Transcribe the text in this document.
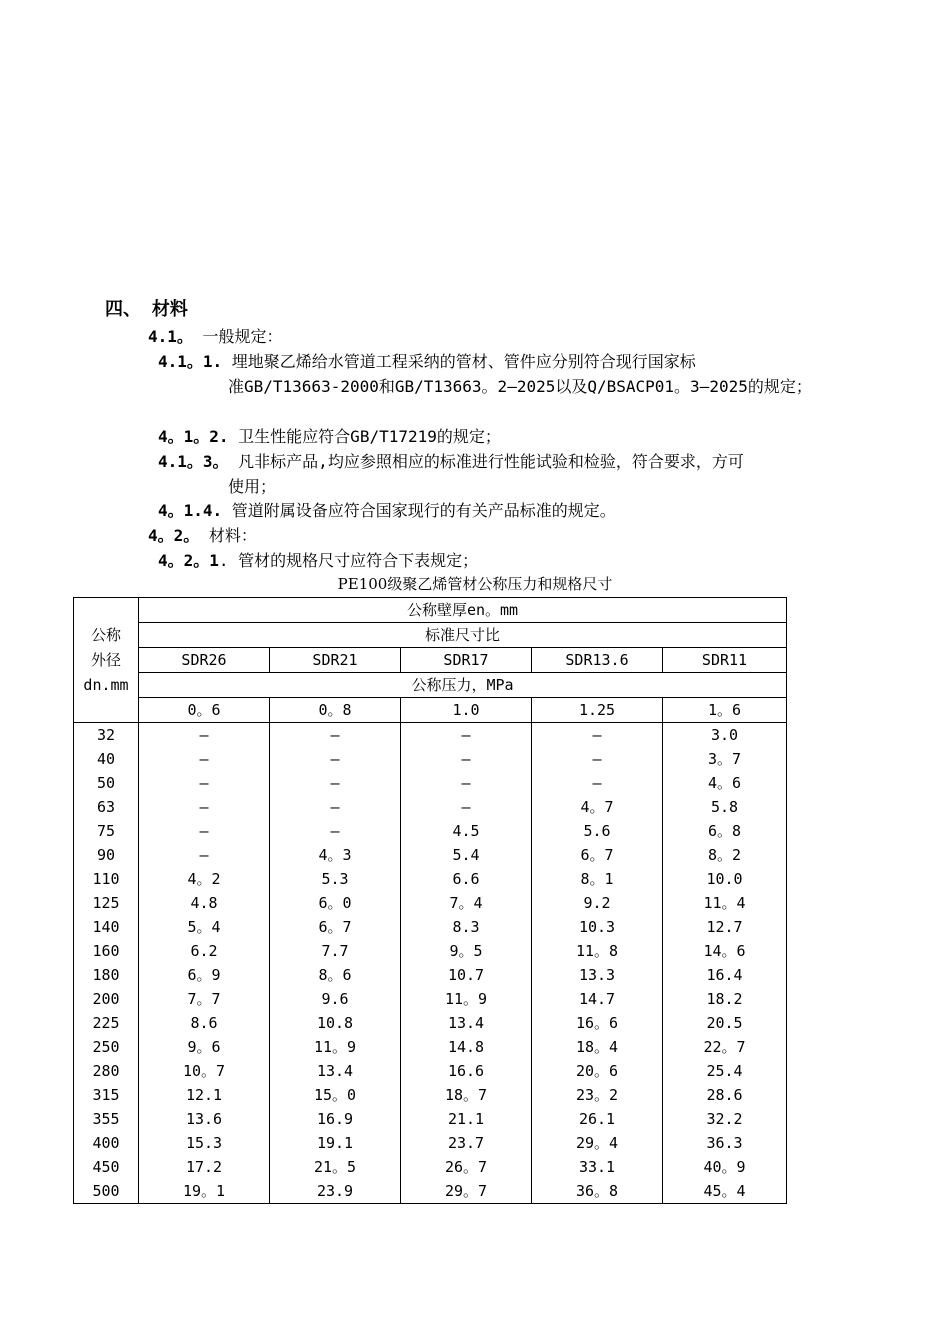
四、 材料
4.1。 一般规定：
4.1。1. 埋地聚乙烯给水管道工程采纳的管材、管件应分别符合现行国家标
准GB/T13663-2000和GB/T13663。2—2025以及Q/BSACP01。3—2025的规定；
4。1。2. 卫生性能应符合GB/T17219的规定；
4.1。3。 凡非标产品,均应参照相应的标准进行性能试验和检验，符合要求，方可
使用；
4。1.4. 管道附属设备应符合国家现行的有关产品标准的规定。
4。2。 材料：
4。2。1. 管材的规格尺寸应符合下表规定；
PE100级聚乙烯管材公称压力和规格尺寸
公称
外径
dn.mm	公称壁厚en。mm				
	标准尺寸比				
	SDR26	SDR21	SDR17	SDR13.6	SDR11
	公称压力，MPa				
	0。6	0。8	1.0	1.25	1。6
32	—	—	—	—	3.0
40	—	—	—	—	3。7
50	—	—	—	—	4。6
63	—	—	—	4。7	5.8
75	—	—	4.5	5.6	6。8
90	—	4。3	5.4	6。7	8。2
110	4。2	5.3	6.6	8。1	10.0
125	4.8	6。0	7。4	9.2	11。4
140	5。4	6。7	8.3	10.3	12.7
160	6.2	7.7	9。5	11。8	14。6
180	6。9	8。6	10.7	13.3	16.4
200	7。7	9.6	11。9	14.7	18.2
225	8.6	10.8	13.4	16。6	20.5
250	9。6	11。9	14.8	18。4	22。7
280	10。7	13.4	16.6	20。6	25.4
315	12.1	15。0	18。7	23。2	28.6
355	13.6	16.9	21.1	26.1	32.2
400	15.3	19.1	23.7	29。4	36.3
450	17.2	21。5	26。7	33.1	40。9
500	19。1	23.9	29。7	36。8	45。4
